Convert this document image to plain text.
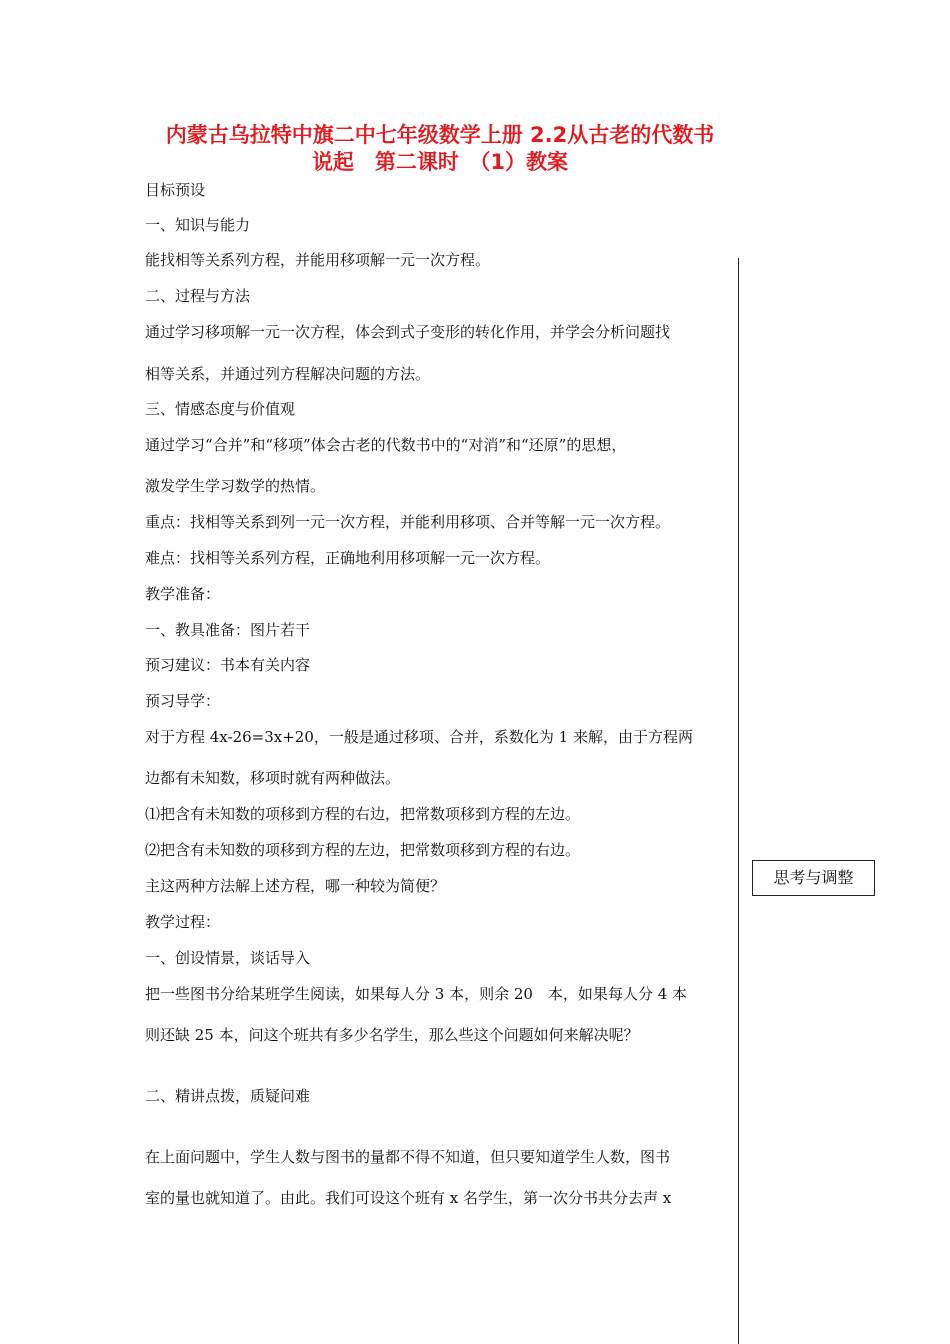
内蒙古乌拉特中旗二中七年级数学上册 2.2从古老的代数书
说起　第二课时　（1）教案
目标预设
一、知识与能力
能找相等关系列方程，并能用移项解一元一次方程。
二、过程与方法
通过学习移项解一元一次方程，体会到式子变形的转化作用，并学会分析问题找
相等关系，并通过列方程解决问题的方法。
三、情感态度与价值观
通过学习“合并”和“移项”体会古老的代数书中的“对消”和“还原”的思想，
激发学生学习数学的热情。
重点：找相等关系到列一元一次方程，并能利用移项、合并等解一元一次方程。
难点：找相等关系列方程，正确地利用移项解一元一次方程。
教学准备：
一、教具准备：图片若干
预习建议：书本有关内容
预习导学：
对于方程 4x-26=3x+20，一般是通过移项、合并，系数化为 1 来解，由于方程两
边都有未知数，移项时就有两种做法。
⑴把含有未知数的项移到方程的右边，把常数项移到方程的左边。
⑵把含有未知数的项移到方程的左边，把常数项移到方程的右边。
主这两种方法解上述方程，哪一种较为简便？
教学过程：
一、创设情景，谈话导入
把一些图书分给某班学生阅读，如果每人分 3 本，则余 20　本，如果每人分 4 本
则还缺 25 本，问这个班共有多少名学生，那么些这个问题如何来解决呢？
二、精讲点拨，质疑问难
在上面问题中，学生人数与图书的量都不得不知道，但只要知道学生人数，图书
室的量也就知道了。由此。我们可设这个班有 x 名学生，第一次分书共分去声 x
思考与调整
